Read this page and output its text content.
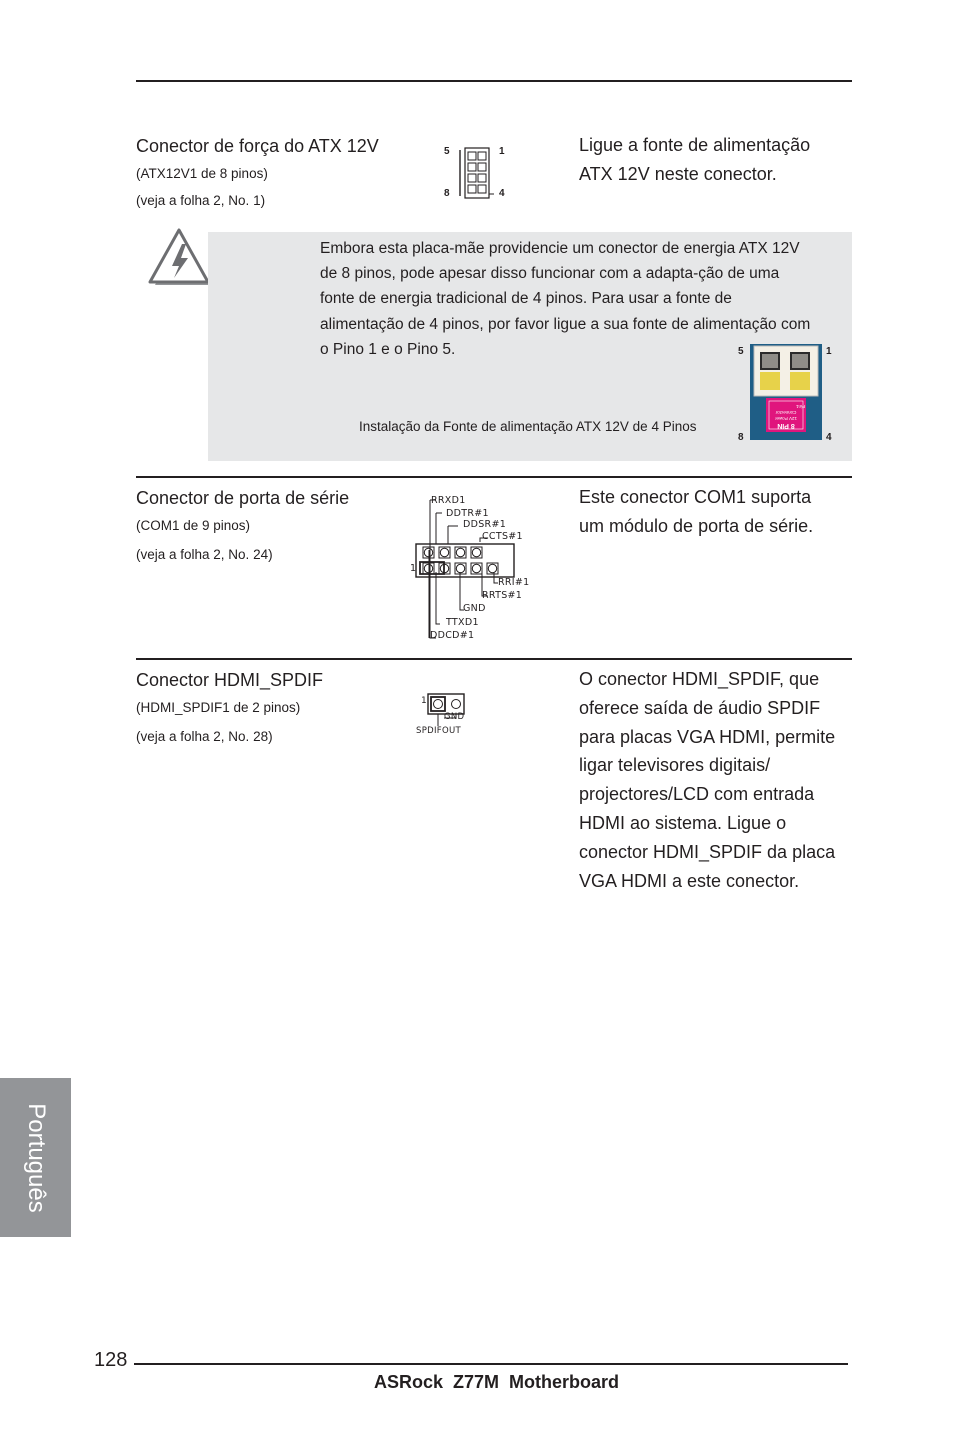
Conector de força do ATX 12V
(ATX12V1 de 8 pinos)
(veja a folha 2, No. 1)
5	1
8	4
Ligue a fonte de alimentação
ATX 12V neste conector.
Embora esta placa-mãe providencie um conector de energia ATX 12V
de 8 pinos, pode apesar disso funcionar com a adapta-ção de uma
fonte de energia tradicional de 4 pinos. Para usar a fonte de
alimentação de 4 pinos, por favor ligue a sua fonte de alimentação com
o Pino 1 e o Pino 5.
Instalação da Fonte de alimentação ATX 12V de 4 Pinos
5	1
8	4
8 PIN
12V Power
Connector
Pin1
Conector de porta de série
(COM1 de 9 pinos)
(veja a folha 2, No. 24)
1
RRXD1
DDTR#1
DDSR#1
CCTS#1
RRI#1
RRTS#1
GND
TTXD1
DDCD#1
Este conector COM1 suporta
um módulo de porta de série.
Conector HDMI_SPDIF
(HDMI_SPDIF1 de 2 pinos)
(veja a folha 2, No. 28)
1
GND
SPDIFOUT
O conector HDMI_SPDIF, que
oferece saída de áudio SPDIF
para placas VGA HDMI, permite
ligar televisores digitais/
projectores/LCD com entrada
HDMI ao sistema. Ligue o
conector HDMI_SPDIF da placa
VGA HDMI a este conector.
Português
128
ASRock  Z77M  Motherboard
